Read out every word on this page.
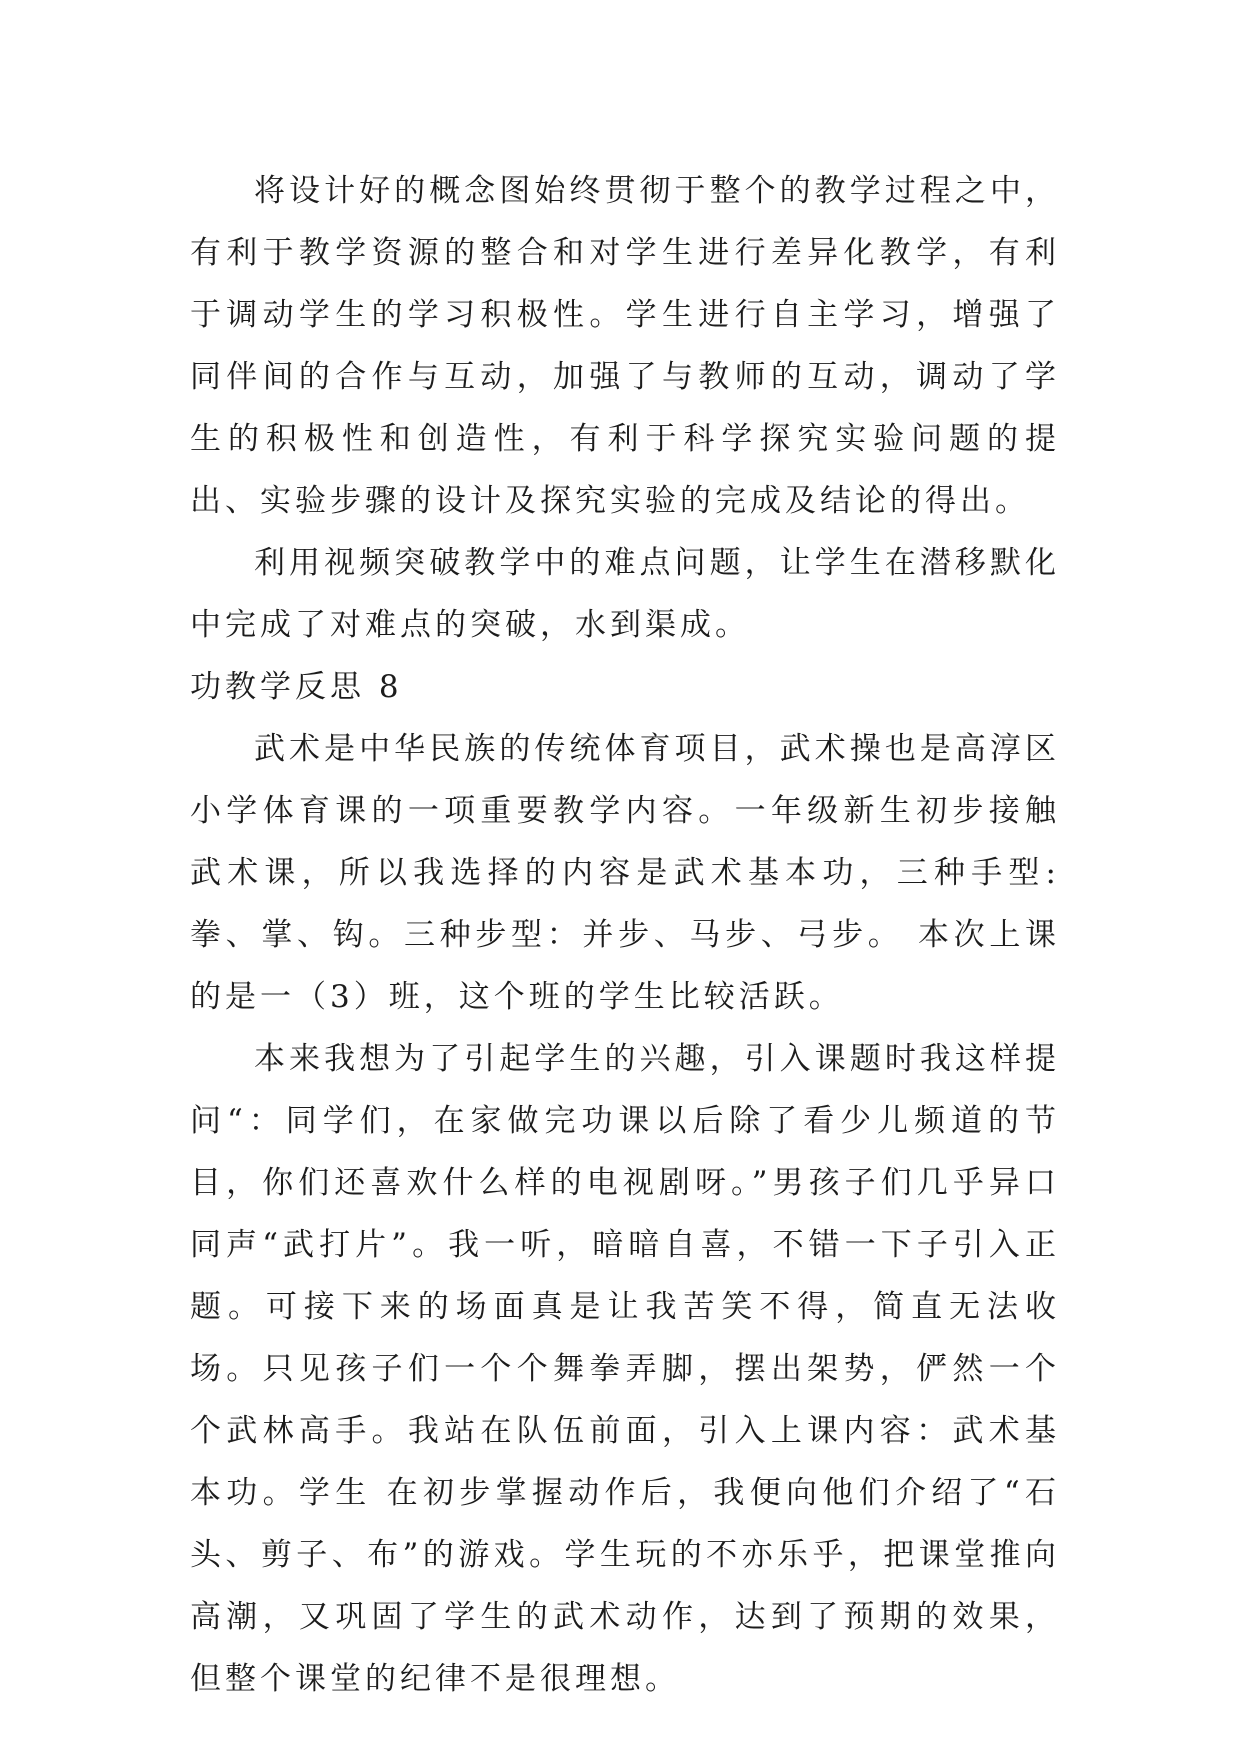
将设计好的概念图始终贯彻于整个的教学过程之中，有利于教学资源的整合和对学生进行差异化教学，有利于调动学生的学习积极性。学生进行自主学习，增强了同伴间的合作与互动，加强了与教师的互动，调动了学生的积极性和创造性，有利于科学探究实验问题的提出、实验步骤的设计及探究实验的完成及结论的得出。

利用视频突破教学中的难点问题，让学生在潜移默化中完成了对难点的突破，水到渠成。

功教学反思 8

武术是中华民族的传统体育项目，武术操也是高淳区小学体育课的一项重要教学内容。一年级新生初步接触武术课，所以我选择的内容是武术基本功，三种手型:拳、掌、钩。三种步型：并步、马步、弓步。 本次上课的是一（3）班，这个班的学生比较活跃。

本来我想为了引起学生的兴趣，引入课题时我这样提问“：同学们，在家做完功课以后除了看少儿频道的节目，你们还喜欢什么样的电视剧呀。”男孩子们几乎异口同声“武打片”。我一听，暗暗自喜，不错一下子引入正题。可接下来的场面真是让我苦笑不得，简直无法收场。只见孩子们一个个舞拳弄脚，摆出架势，俨然一个个武林高手。我站在队伍前面，引入上课内容：武术基本功。学生 在初步掌握动作后，我便向他们介绍了“石头、剪子、布”的游戏。学生玩的不亦乐乎，把课堂推向高潮，又巩固了学生的武术动作，达到了预期的效果，但整个课堂的纪律不是很理想。
